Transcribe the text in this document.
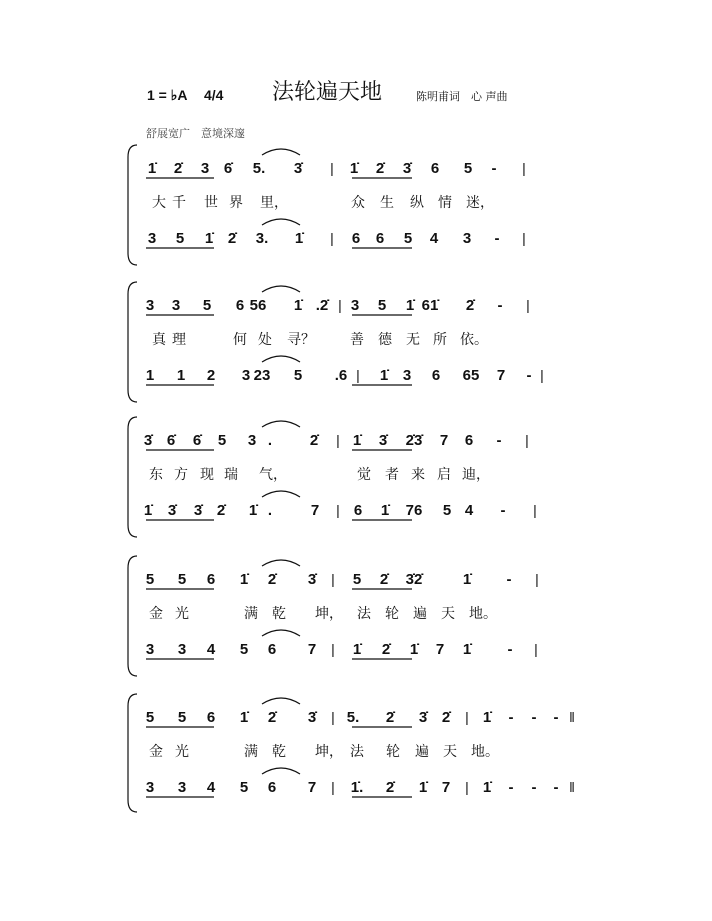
1 = ♭A 4/4 法轮遍天地	陈明甫词　心 声曲
舒展宽广　意境深邃
1̇ 2̇ 3 6̇ 5. 3̇ | 1̇ 2̇ 3̇ 6 5 - |
大 千 世 界 里，	众 生 纵 情 迷，
3 5 1̇ 2̇ 3. 1̇ | 6 6 5 4 3 - |
3 3 5 6 56 1̇ .2̇ | 3 5 1̇ 61̇ 2̇ - |
真 理	何 处 寻？	善 德 无 所 依。
1 1 2 3 23 5 .6 | 1̇ 3 6 65 7 - |
3̇ 6̇ 6̇ 5 3 .	2̇ | 1̇ 3̇ 2̇3̇ 7 6 - |
东 方 现 瑞 气，	觉 者 来 启 迪，
1̇ 3̇ 3̇ 2̇ 1̇ .	7 | 6 1̇ 76 5 4 - |
5 5 6 1̇ 2̇ 3̇ | 5 2̇ 3̇2̇	1̇ - |
金 光	满 乾 坤， 法 轮 遍 天 地。
3 3 4 5 6 7 | 1̇ 2̇ 1̇ 7 1̇ - |
5 5 6 1̇ 2̇ 3̇ | 5. 2̇ 3̇ 2̇ | 1̇ - - - ‖
金 光	满 乾 坤， 法 轮 遍 天 地。
3 3 4 5 6 7 | 1̇. 2̇ 1̇ 7 | 1̇ - - - ‖
